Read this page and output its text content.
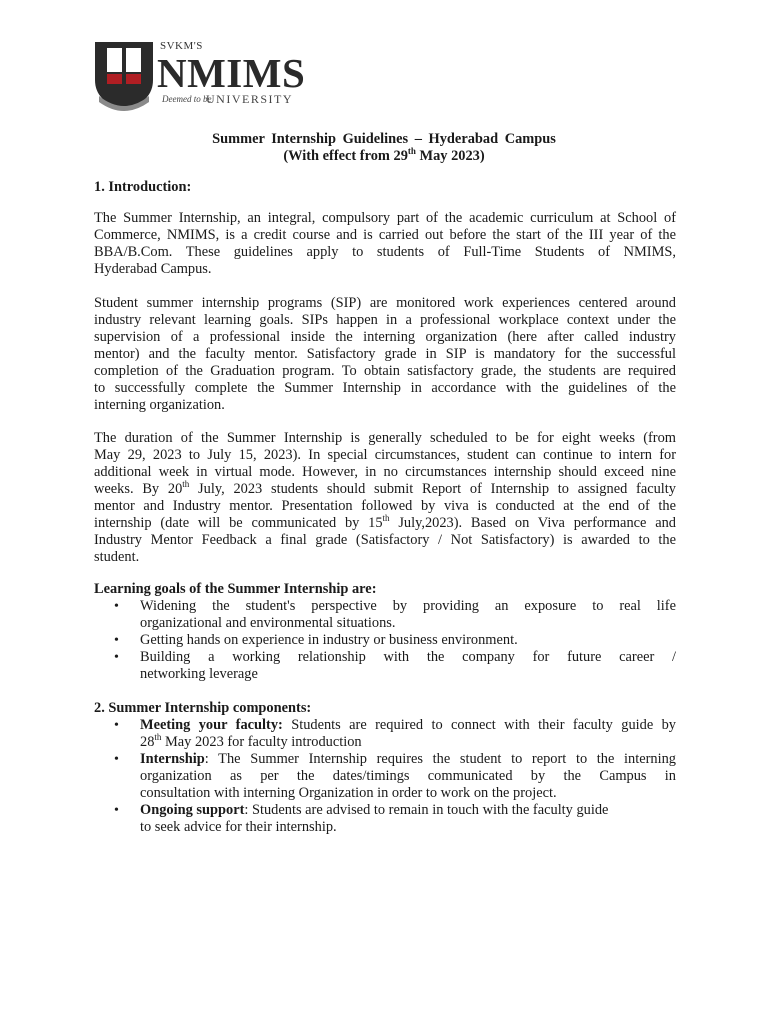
SVKM'S
NMIMS
Deemed to be
UNIVERSITY
Summer Internship Guidelines – Hyderabad Campus
(With effect from 29th May 2023)
1. Introduction:
The Summer Internship, an integral, compulsory part of the academic curriculum at School of
Commerce, NMIMS, is a credit course and is carried out before the start of the III year of the
BBA/B.Com. These guidelines apply to students of Full-Time Students of NMIMS,
Hyderabad Campus.
Student summer internship programs (SIP) are monitored work experiences centered around
industry relevant learning goals. SIPs happen in a professional workplace context under the
supervision of a professional inside the interning organization (here after called industry
mentor) and the faculty mentor. Satisfactory grade in SIP is mandatory for the successful
completion of the Graduation program. To obtain satisfactory grade, the students are required
to successfully complete the Summer Internship in accordance with the guidelines of the
interning organization.
The duration of the Summer Internship is generally scheduled to be for eight weeks (from
May 29, 2023 to July 15, 2023). In special circumstances, student can continue to intern for
additional week in virtual mode. However, in no circumstances internship should exceed nine
weeks. By 20th July, 2023 students should submit Report of Internship to assigned faculty
mentor and Industry mentor. Presentation followed by viva is conducted at the end of the
internship (date will be communicated by 15th July,2023). Based on Viva performance and
Industry Mentor Feedback a final grade (Satisfactory / Not Satisfactory) is awarded to the
student.
Learning goals of the Summer Internship are:
• Widening the student's perspective by providing an exposure to real life
organizational and environmental situations.
• Getting hands on experience in industry or business environment.
• Building a working relationship with the company for future career /
networking leverage
2. Summer Internship components:
• Meeting your faculty: Students are required to connect with their faculty guide by
28th May 2023 for faculty introduction
• Internship: The Summer Internship requires the student to report to the interning
organization as per the dates/timings communicated by the Campus in
consultation with interning Organization in order to work on the project.
• Ongoing support: Students are advised to remain in touch with the faculty guide
to seek advice for their internship.
